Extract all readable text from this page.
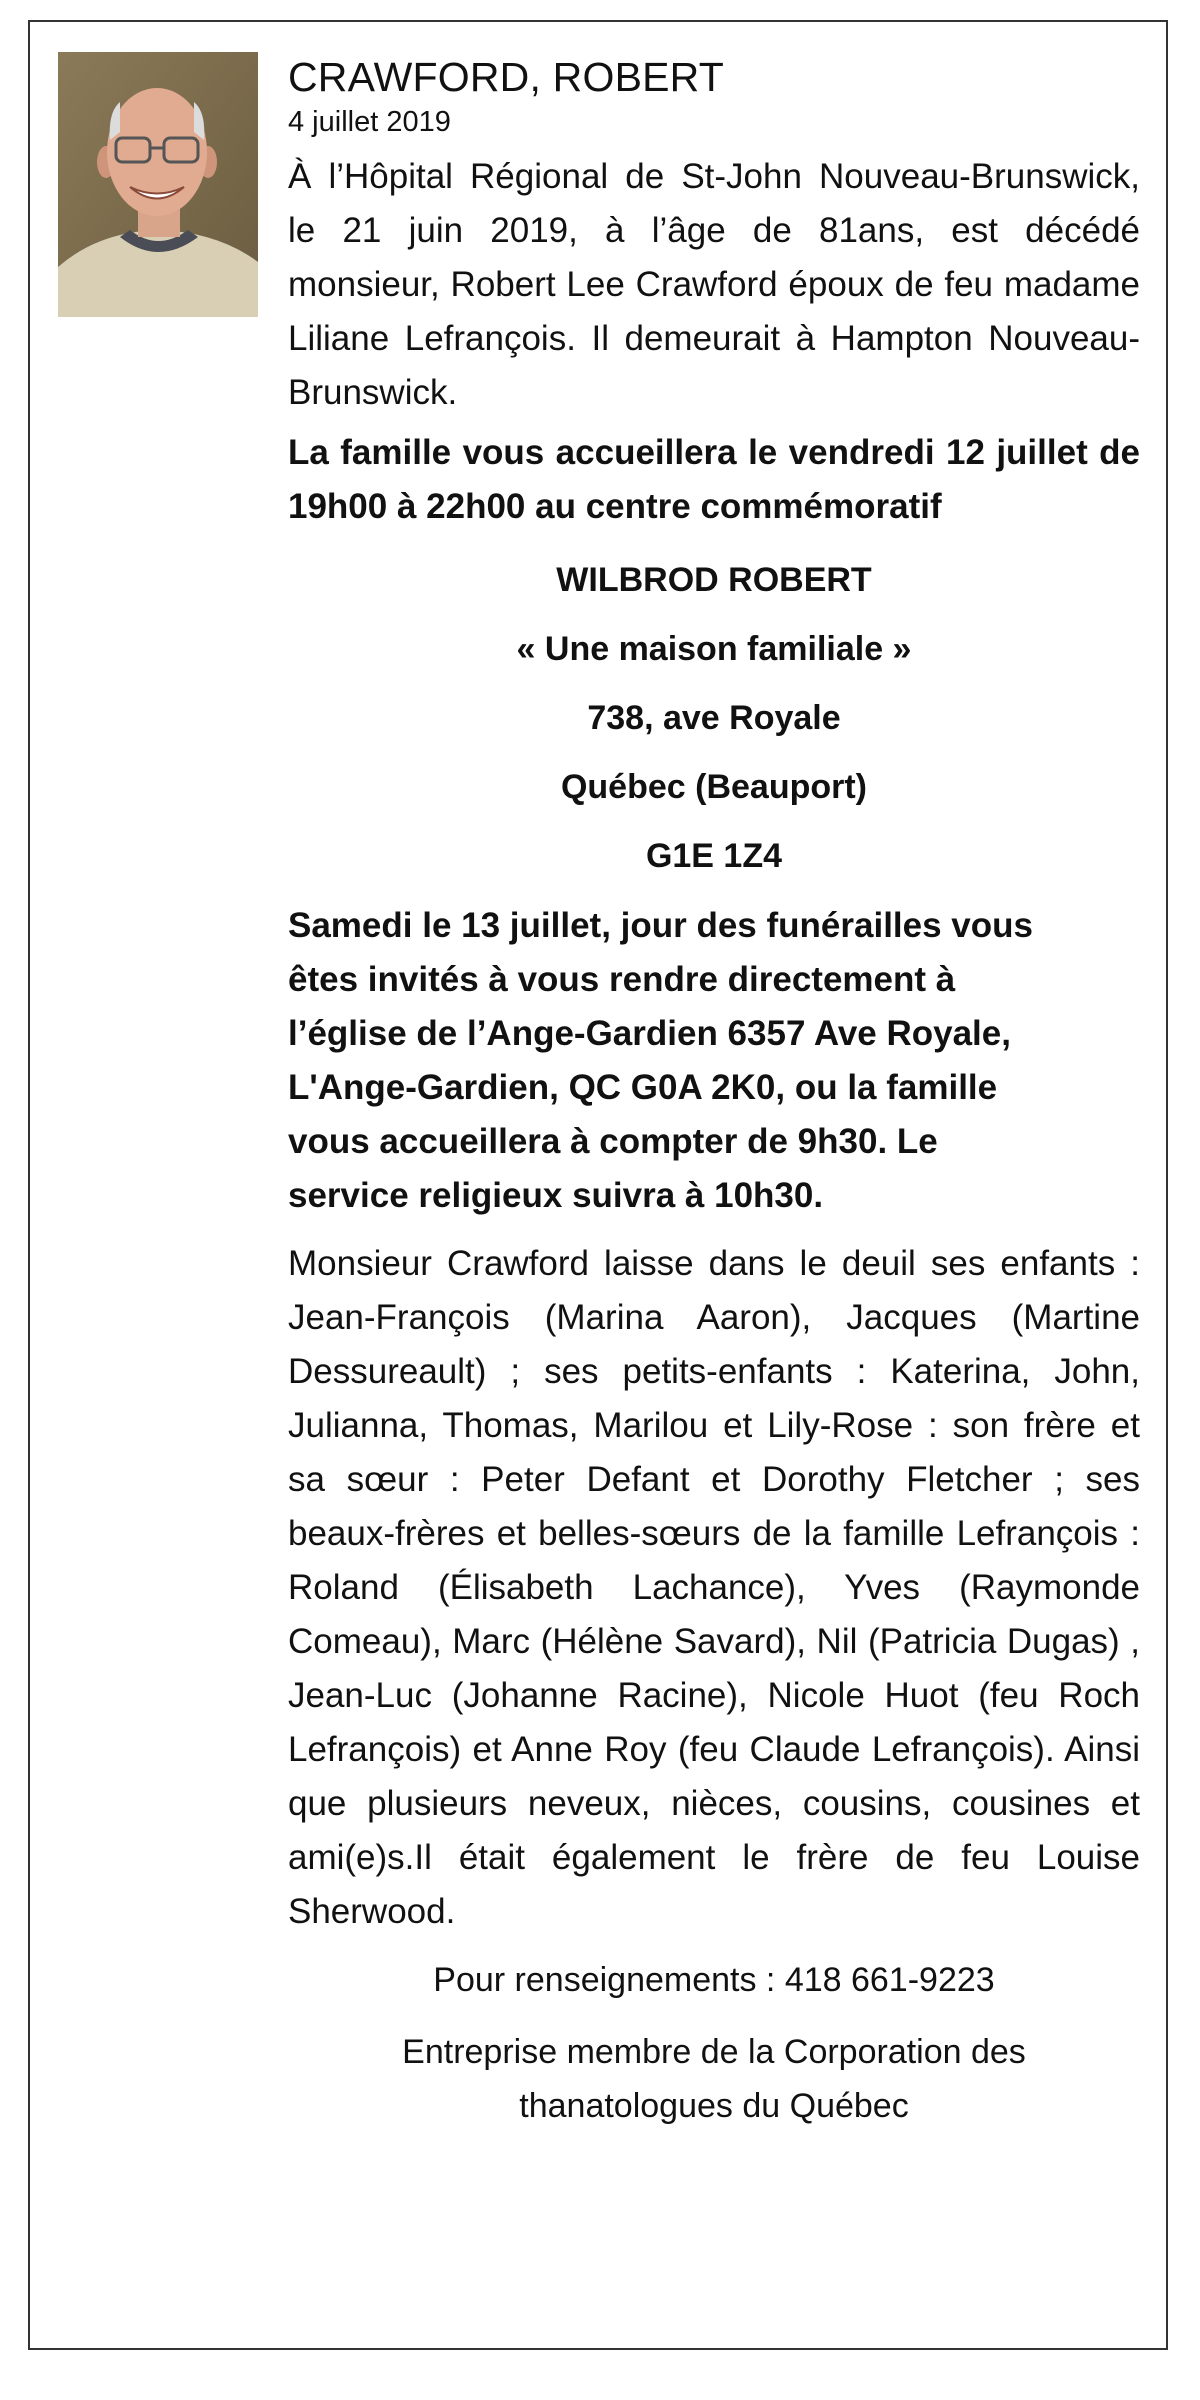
CRAWFORD, ROBERT

4 juillet 2019

À l’Hôpital Régional de St-John Nouveau-Brunswick, le 21 juin 2019, à l’âge de 81ans, est décédé monsieur, Robert Lee Crawford époux de feu madame Liliane Lefrançois. Il demeurait à Hampton Nouveau-Brunswick.

La famille vous accueillera le vendredi 12 juillet de 19h00 à 22h00 au centre commémoratif

WILBROD ROBERT

« Une maison familiale »

738, ave Royale

Québec (Beauport)

G1E 1Z4

Samedi le 13 juillet, jour des funérailles vous
êtes invités à vous rendre directement à
l’église de l’Ange-Gardien 6357 Ave Royale,
L'Ange-Gardien, QC G0A 2K0, ou la famille
vous accueillera à compter de 9h30. Le
service religieux suivra à 10h30.

Monsieur Crawford laisse dans le deuil ses enfants : Jean-François (Marina Aaron), Jacques (Martine Dessureault) ; ses petits-enfants : Katerina, John, Julianna, Thomas, Marilou et Lily-Rose : son frère et sa sœur : Peter Defant et Dorothy Fletcher ; ses beaux-frères et belles-sœurs de la famille Lefrançois : Roland (Élisabeth Lachance), Yves (Raymonde Comeau), Marc (Hélène Savard), Nil (Patricia Dugas) , Jean-Luc (Johanne Racine), Nicole Huot (feu Roch Lefrançois) et Anne Roy (feu Claude Lefrançois). Ainsi que plusieurs neveux, nièces, cousins, cousines et ami(e)s.Il était également le frère de feu Louise Sherwood.

Pour renseignements : 418 661-9223

Entreprise membre de la Corporation des

thanatologues du Québec
